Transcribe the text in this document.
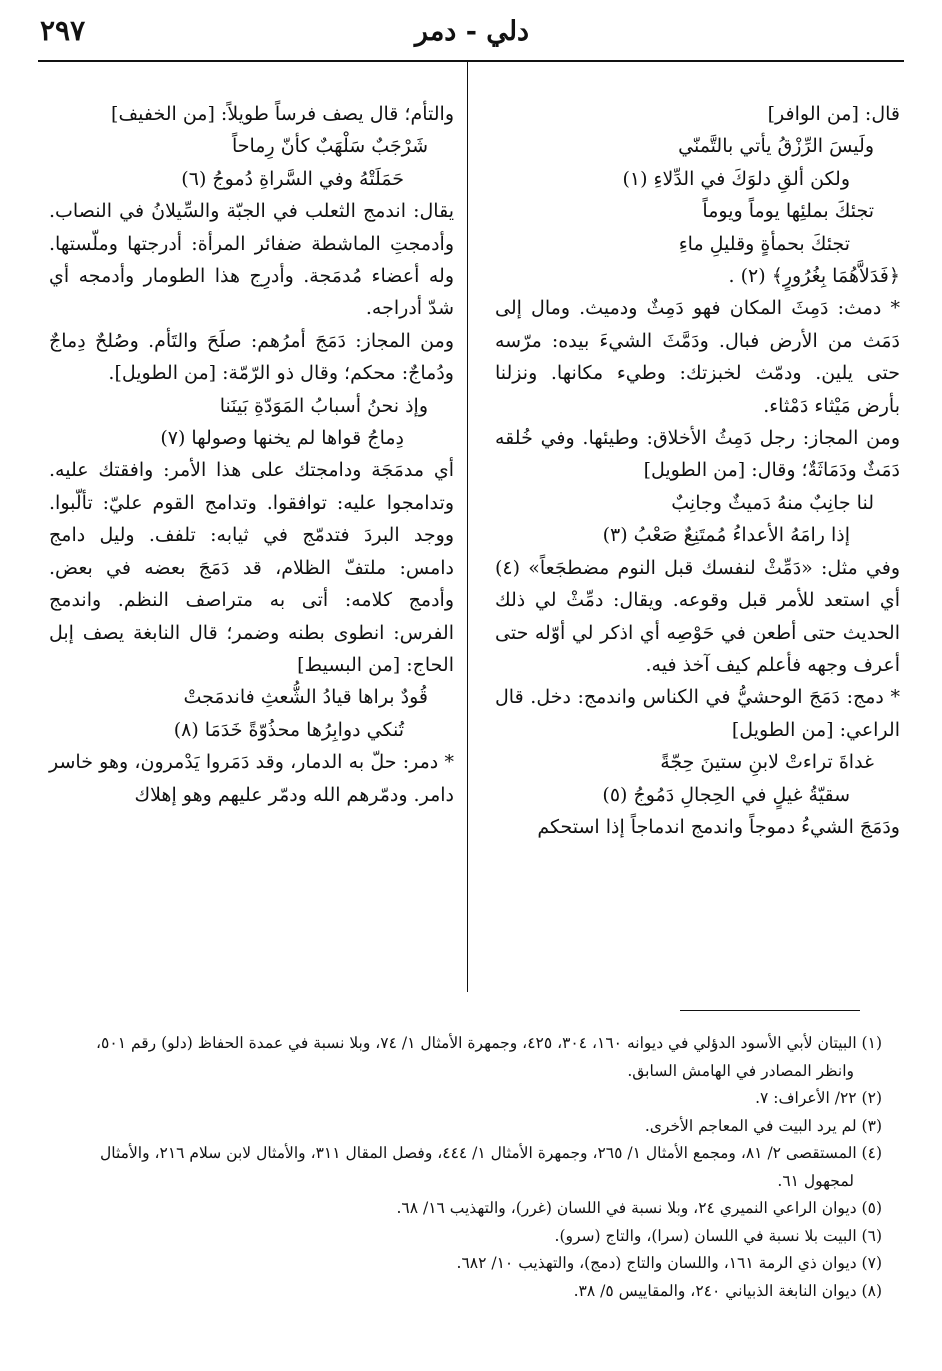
٢٩٧	دلي - دمر

قال: [من الوافر]

ولَيسَ الرِّزْقُ يأتي بالتَّمنّي

ولكن ألقِ دلوَكَ في الدِّلاءِ (١)

تجئكَ بملئِها يوماً ويوماً

تجئكَ بحمأةٍ وقليلِ ماءِ

﴿فَدَلاَّهُمَا بِغُرُورٍ﴾ (٢) .

* دمث: دَمِثَ المكان فهو دَمِثٌ ودميث. ومال إلى دَمَث من الأرض فبال. ودَمَّثَ الشيءَ بيده: مرّسه حتى يلين. ودمّث لخبزتك: وطيء مكانها. ونزلنا بأرض مَيْثاء دَمْثاء.

ومن المجاز: رجل دَمِثُ الأخلاق: وطيئها. وفي خُلقه دَمَثٌ ودَمَاثَةٌ؛ وقال: [من الطويل]

لنا جانِبٌ منهُ دَميثٌ وجانِبٌ

إذا رامَهُ الأعداءُ مُمتَنِعٌ صَعْبُ (٣)

وفي مثل: «دَمِّثْ لنفسك قبل النوم مضطجَعاً» (٤) أي استعد للأمر قبل وقوعه. ويقال: دمِّثْ لي ذلك الحديث حتى أطعن في حَوْصِه أي اذكر لي أوّله حتى أعرف وجهه فأعلم كيف آخذ فيه.

* دمج: دَمَجَ الوحشيُّ في الكناس واندمج: دخل. قال الراعي: [من الطويل]

غداةَ تراءتْ لابنِ ستينَ حِجّةً

سقيّةُ غيلٍ في الحِجالِ دَمُوجُ (٥)

ودَمَجَ الشيءُ دموجاً واندمج اندماجاً إذا استحكم

والتأم؛ قال يصف فرساً طويلاً: [من الخفيف]

شَرْجَبٌ سَلْهَبٌ كأنّ رِماحاً

حَمَلَتْهُ وفي السَّراةِ دُموجُ (٦)

يقال: اندمج الثعلب في الجبّة والسِّيلانُ في النصاب. وأدمجتِ الماشطة ضفائر المرأة: أدرجتها وملّستها. وله أعضاء مُدمَجة. وأدرِج هذا الطومار وأدمجه أي شدّ أدراجه.

ومن المجاز: دَمَجَ أمرُهم: صلَحَ والتَأم. وصُلحٌ دِماجٌ ودُماجٌ: محكم؛ وقال ذو الرّمّة: [من الطويل].

وإذ نحنُ أسبابُ المَوَدّةِ بَينَنا

دِماجُ قواها لم يخنها وصولها (٧)

أي مدمَجَة ودامجتك على هذا الأمر: وافقتك عليه. وتدامجوا عليه: توافقوا. وتدامج القوم عليّ: تألّبوا. ووجد البردَ فتدمّج في ثيابه: تلفف. وليل دامج دامس: ملتفّ الظلام، قد دَمَجَ بعضه في بعض. وأدمج كلامه: أتى به متراصف النظم. واندمج الفرس: انطوى بطنه وضمر؛ قال النابغة يصف إبل الحاج: [من البسيط]

قُودٌ براها قيادُ الشُّعثِ فاندمَجتْ

تُنكي دوابِرُها محذُوّةً خَدَمَا (٨)

* دمر: حلّ به الدمار، وقد دَمَروا يَدْمرون، وهو خاسر دامر. ودمّرهم الله ودمّر عليهم وهو إهلاك

(١) البيتان لأبي الأسود الدؤلي في ديوانه ١٦٠، ٣٠٤، ٤٢٥، وجمهرة الأمثال ١/ ٧٤، وبلا نسبة في عمدة الحفاظ (دلو) رقم ٥٠١، وانظر المصادر في الهامش السابق.

(٢) ٢٢/ الأعراف: ٧.

(٣) لم يرد البيت في المعاجم الأخرى.

(٤) المستقصى ٢/ ٨١، ومجمع الأمثال ١/ ٢٦٥، وجمهرة الأمثال ١/ ٤٤٤، وفصل المقال ٣١١، والأمثال لابن سلام ٢١٦، والأمثال لمجهول ٦١.

(٥) ديوان الراعي النميري ٢٤، وبلا نسبة في اللسان (غرر)، والتهذيب ١٦/ ٦٨.

(٦) البيت بلا نسبة في اللسان (سرا)، والتاج (سرو).

(٧) ديوان ذي الرمة ١٦١، واللسان والتاج (دمج)، والتهذيب ١٠/ ٦٨٢.

(٨) ديوان النابغة الذبياني ٢٤٠، والمقاييس ٥/ ٣٨.
